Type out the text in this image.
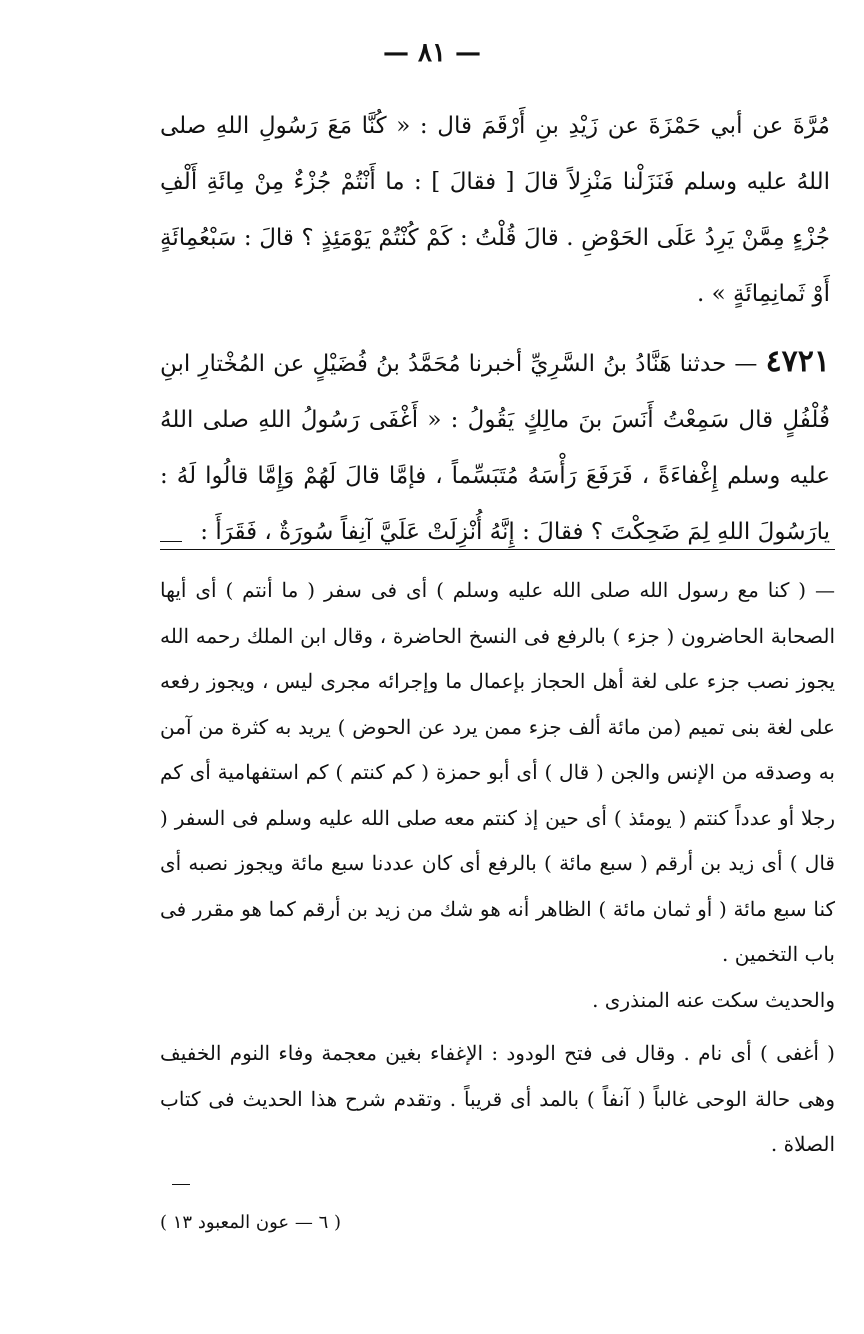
— ٨١ —

مُرَّةَ عن أبي حَمْزَةَ عن زَيْدِ بنِ أَرْقَمَ قال : « كُنَّا مَعَ رَسُولِ اللهِ صلى اللهُ عليه وسلم فَنَزَلْنا مَنْزِلاً قالَ [ فقالَ ] : ما أَنْتُمْ جُزْءٌ مِنْ مِائَةِ أَلْفِ جُزْءٍ مِمَّنْ يَرِدُ عَلَى الحَوْضِ . قالَ قُلْتُ : كَمْ كُنْتُمْ يَوْمَئِذٍ ؟ قالَ : سَبْعُمِائَةٍ أَوْ ثَمانِمِائَةٍ » .

٤٧٢١ — حدثنا هَنَّادُ بنُ السَّرِيِّ أخبرنا مُحَمَّدُ بنُ فُضَيْلٍ عن المُخْتارِ ابنِ فُلْفُلٍ قال سَمِعْتُ أَنَسَ بنَ مالِكٍ يَقُولُ : « أَغْفَى رَسُولُ اللهِ صلى اللهُ عليه وسلم إِغْفاءَةً ، فَرَفَعَ رَأْسَهُ مُتَبَسِّماً ، فإمَّا قالَ لَهُمْ وَإِمَّا قالُوا لَهُ : يارَسُولَ اللهِ لِمَ ضَحِكْتَ ؟ فقالَ : إِنَّهُ أُنْزِلَتْ عَلَيَّ آنِفاً سُورَةٌ ، فَقَرَأَ :

— ( كنا مع رسول الله صلى الله عليه وسلم ) أى فى سفر ( ما أنتم ) أى أيها الصحابة الحاضرون ( جزء ) بالرفع فى النسخ الحاضرة ، وقال ابن الملك رحمه الله يجوز نصب جزء على لغة أهل الحجاز بإعمال ما وإجرائه مجرى ليس ، ويجوز رفعه على لغة بنى تميم (من مائة ألف جزء ممن يرد عن الحوض ) يريد به كثرة من آمن به وصدقه من الإنس والجن ( قال ) أى أبو حمزة ( كم كنتم ) كم استفهامية أى كم رجلا أو عدداً كنتم ( يومئذ ) أى حين إذ كنتم معه صلى الله عليه وسلم فى السفر ( قال ) أى زيد بن أرقم ( سبع مائة ) بالرفع أى كان عددنا سبع مائة ويجوز نصبه أى كنا سبع مائة ( أو ثمان مائة ) الظاهر أنه هو شك من زيد بن أرقم كما هو مقرر فى باب التخمين .

والحديث سكت عنه المنذرى .

( أغفى ) أى نام . وقال فى فتح الودود : الإغفاء بغين معجمة وفاء النوم الخفيف وهى حالة الوحى غالباً ( آنفاً ) بالمد أى قريباً . وتقدم شرح هذا الحديث فى كتاب الصلاة .

( ٦ — عون المعبود ١٣ )
